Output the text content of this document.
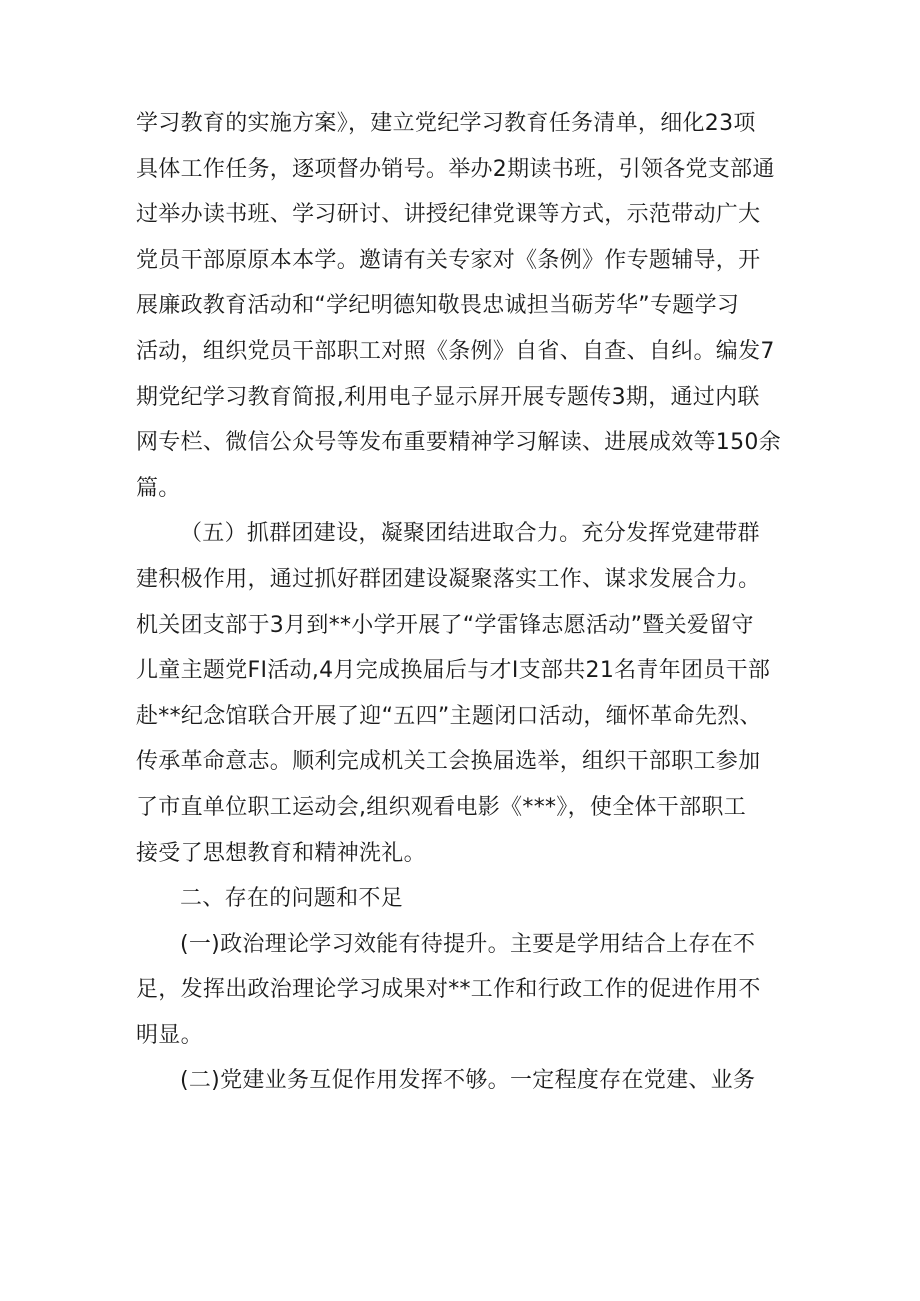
学习教育的实施方案》，建立党纪学习教育任务清单，细化23项
具体工作任务，逐项督办销号。举办2期读书班，引领各党支部通
过举办读书班、学习研讨、讲授纪律党课等方式，示范带动广大
党员干部原原本本学。邀请有关专家对《条例》作专题辅导，开
展廉政教育活动和“学纪明德知敬畏忠诚担当砺芳华”专题学习
活动，组织党员干部职工对照《条例》自省、自查、自纠。编发7
期党纪学习教育简报,利用电子显示屏开展专题传3期，通过内联
网专栏、微信公众号等发布重要精神学习解读、进展成效等150余
篇。
（五）抓群团建设，凝聚团结进取合力。充分发挥党建带群
建积极作用，通过抓好群团建设凝聚落实工作、谋求发展合力。
机关团支部于3月到**小学开展了“学雷锋志愿活动”暨关爱留守
儿童主题党FI活动,4月完成换届后与才I支部共21名青年团员干部
赴**纪念馆联合开展了迎“五四”主题闭口活动，缅怀革命先烈、
传承革命意志。顺利完成机关工会换届选举，组织干部职工参加
了市直单位职工运动会,组织观看电影《***》，使全体干部职工
接受了思想教育和精神洗礼。
二、存在的问题和不足
(一)政治理论学习效能有待提升。主要是学用结合上存在不
足，发挥出政治理论学习成果对**工作和行政工作的促进作用不
明显。
(二)党建业务互促作用发挥不够。一定程度存在党建、业务
